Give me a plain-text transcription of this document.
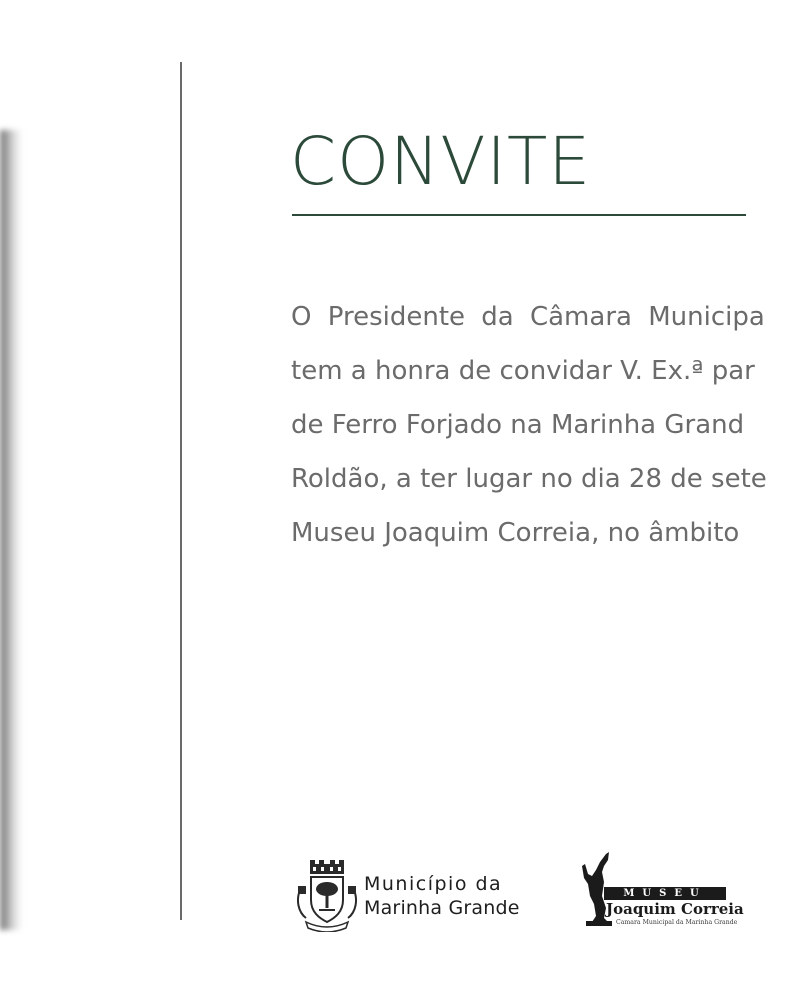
CONVITE
O Presidente da Câmara Municipa
tem a honra de convidar V. Ex.ª par
de Ferro Forjado na Marinha Grand
Roldão, a ter lugar no dia 28 de sete
Museu Joaquim Correia, no âmbito
Município da
Marinha Grande
MUSEU
Joaquim Correia
Camara Municipal da Marinha Grande
